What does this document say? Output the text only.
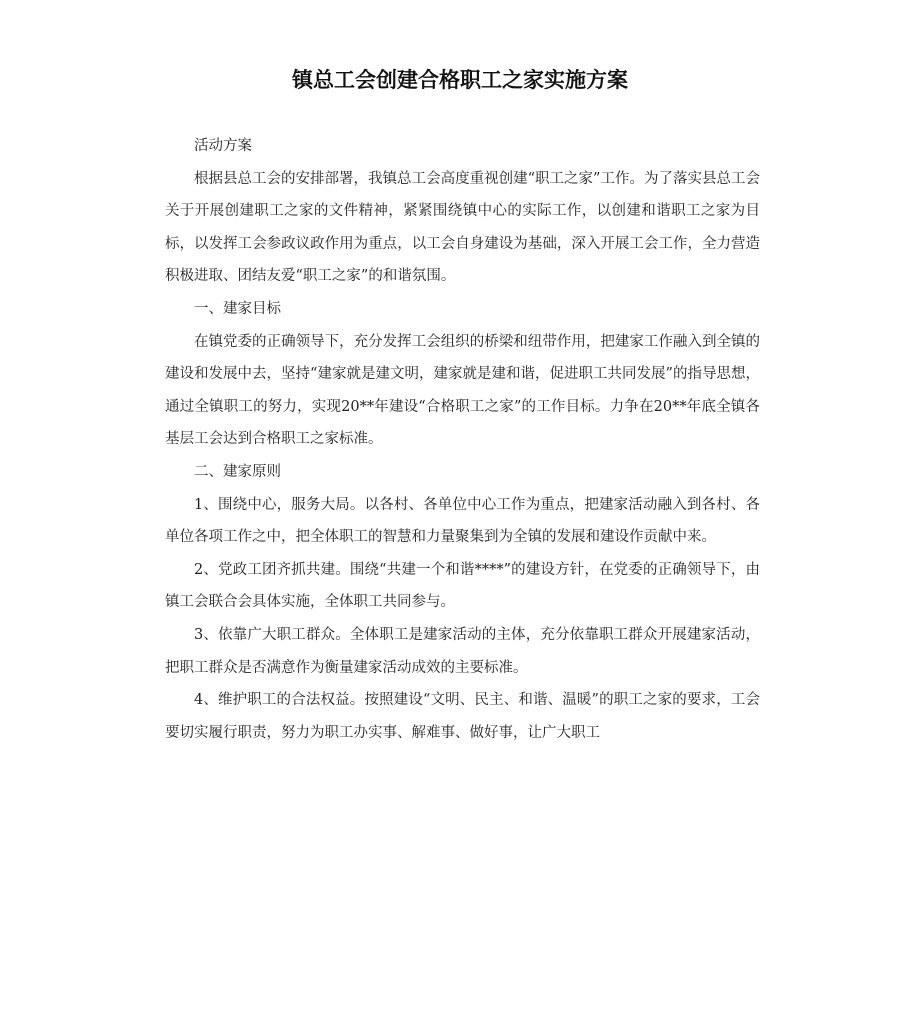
镇总工会创建合格职工之家实施方案

活动方案

根据县总工会的安排部署，我镇总工会高度重视创建“职工之家”工作。为了落实县总工会关于开展创建职工之家的文件精神，紧紧围绕镇中心的实际工作，以创建和谐职工之家为目标，以发挥工会参政议政作用为重点，以工会自身建设为基础，深入开展工会工作，全力营造积极进取、团结友爱“职工之家”的和谐氛围。

一、建家目标

在镇党委的正确领导下，充分发挥工会组织的桥梁和纽带作用，把建家工作融入到全镇的建设和发展中去，坚持“建家就是建文明，建家就是建和谐，促进职工共同发展”的指导思想，通过全镇职工的努力，实现20**年建设“合格职工之家”的工作目标。力争在20**年底全镇各基层工会达到合格职工之家标准。

二、建家原则

1、围绕中心，服务大局。以各村、各单位中心工作为重点，把建家活动融入到各村、各单位各项工作之中，把全体职工的智慧和力量聚集到为全镇的发展和建设作贡献中来。

2、党政工团齐抓共建。围绕“共建一个和谐****”的建设方针，在党委的正确领导下，由镇工会联合会具体实施，全体职工共同参与。

3、依靠广大职工群众。全体职工是建家活动的主体，充分依靠职工群众开展建家活动，把职工群众是否满意作为衡量建家活动成效的主要标准。

4、维护职工的合法权益。按照建设“文明、民主、和谐、温暖”的职工之家的要求，工会要切实履行职责，努力为职工办实事、解难事、做好事，让广大职工
